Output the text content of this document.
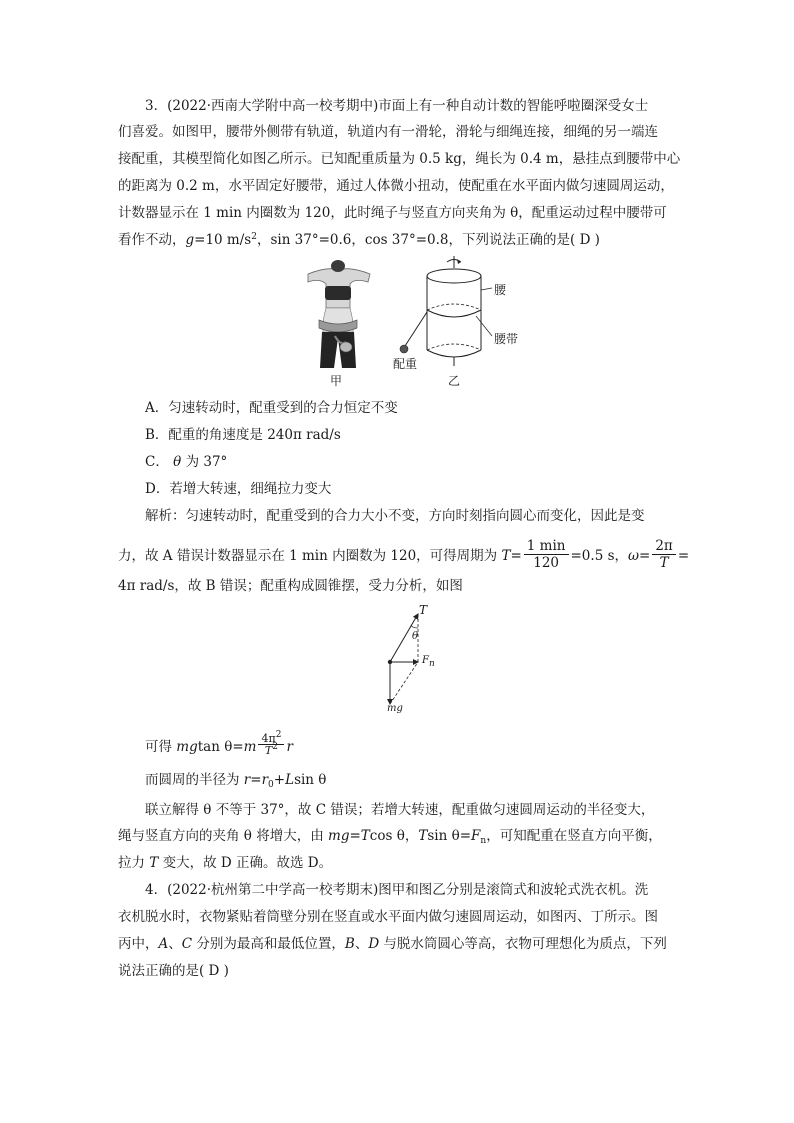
3．(2022·西南大学附中高一校考期中)市面上有一种自动计数的智能呼啦圈深受女士
们喜爱。如图甲，腰带外侧带有轨道，轨道内有一滑轮，滑轮与细绳连接，细绳的另一端连
接配重，其模型简化如图乙所示。已知配重质量为 0.5 kg，绳长为 0.4 m，悬挂点到腰带中心
的距离为 0.2 m，水平固定好腰带，通过人体微小扭动，使配重在水平面内做匀速圆周运动，
计数器显示在 1 min 内圈数为 120，此时绳子与竖直方向夹角为 θ，配重运动过程中腰带可
看作不动，g=10 $m/s^2$，sin 37°=0.6，cos 37°=0.8，下列说法正确的是( D )
甲
腰
腰带
配重
乙
A．匀速转动时，配重受到的合力恒定不变
B．配重的角速度是 240π rad/s
C． θ 为 37°
D．若增大转速，细绳拉力变大
解析：匀速转动时，配重受到的合力大小不变，方向时刻指向圆心而变化，因此是变
力，故 A 错误计数器显示在 1 min 内圈数为 120，可得周期为 $T= \frac{1 \min}{120} =0.5$ s，$\omega= \frac{2\pi}{T}$ =
4π rad/s，故 B 错误；配重构成圆锥摆，受力分析，如图
T
θ
$F_n$
mg
可得 mgtan $\theta=m \frac{4\pi^2}{T^2}$ r
而圆周的半径为 $r=r_0+Lsin$ θ
联立解得 θ 不等于 37°，故 C 错误；若增大转速，配重做匀速圆周运动的半径变大，
绳与竖直方向的夹角 θ 将增大，由 mg=Tcos θ，Tsin $\theta=F_n$，可知配重在竖直方向平衡，
拉力 T 变大，故 D 正确。故选 D。
4．(2022·杭州第二中学高一校考期末)图甲和图乙分别是滚筒式和波轮式洗衣机。洗
衣机脱水时，衣物紧贴着筒壁分别在竖直或水平面内做匀速圆周运动，如图丙、丁所示。图
丙中，A、C 分别为最高和最低位置，B、D 与脱水筒圆心等高，衣物可理想化为质点，下列
说法正确的是( D )
